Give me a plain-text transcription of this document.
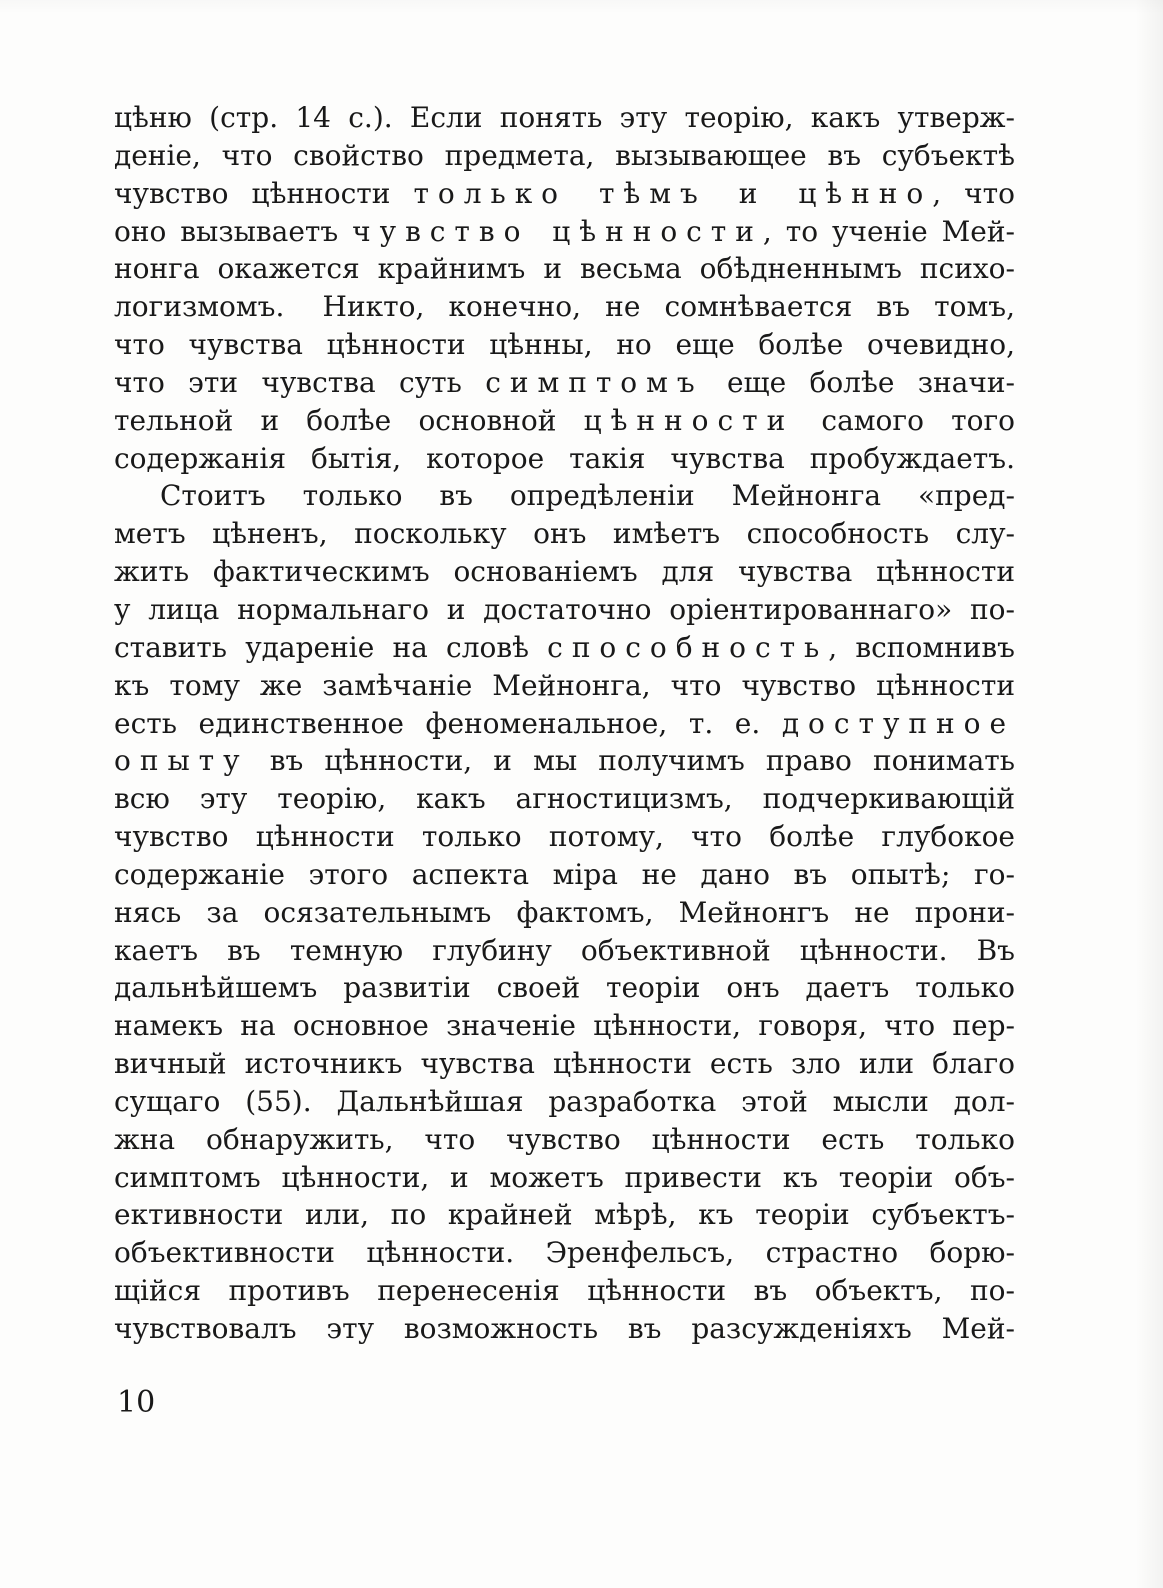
цѣню (стр. 14 с.). Если понять эту теорію, какъ утверж-
деніе, что свойство предмета, вызывающее въ субъектѣ
чувство цѣнности только тѣмъ и цѣнно, что
оно вызываетъ чувство цѣнности, то ученіе Мей-
нонга окажется крайнимъ и весьма обѣдненнымъ психо-
логизмомъ.  Никто, конечно, не сомнѣвается въ томъ,
что чувства цѣнности цѣнны, но еще болѣе очевидно,
что эти чувства суть симптомъ еще болѣе значи-
тельной и болѣе основной цѣнности самого того
содержанія бытія, которое такія чувства пробуждаетъ.
Стоитъ только въ опредѣленіи Мейнонга «пред-
метъ цѣненъ, поскольку онъ имѣетъ способность слу-
жить фактическимъ основаніемъ для чувства цѣнности
у лица нормальнаго и достаточно оріентированнаго» по-
ставить удареніе на словѣ способность, вспомнивъ
къ тому же замѣчаніе Мейнонга, что чувство цѣнности
есть единственное феноменальное, т. е. доступное
опыту въ цѣнности, и мы получимъ право понимать
всю эту теорію, какъ агностицизмъ, подчеркивающій
чувство цѣнности только потому, что болѣе глубокое
содержаніе этого аспекта міра не дано въ опытѣ; го-
нясь за осязательнымъ фактомъ, Мейнонгъ не прони-
каетъ въ темную глубину объективной цѣнности. Въ
дальнѣйшемъ развитіи своей теоріи онъ даетъ только
намекъ на основное значеніе цѣнности, говоря, что пер-
вичный источникъ чувства цѣнности есть зло или благо
сущаго (55). Дальнѣйшая разработка этой мысли дол-
жна обнаружить, что чувство цѣнности есть только
симптомъ цѣнности, и можетъ привести къ теоріи объ-
ективности или, по крайней мѣрѣ, къ теоріи субъектъ-
объективности цѣнности. Эренфельсъ, страстно борю-
щійся противъ перенесенія цѣнности въ объектъ, по-
чувствовалъ эту возможность въ разсужденіяхъ Мей-
10
